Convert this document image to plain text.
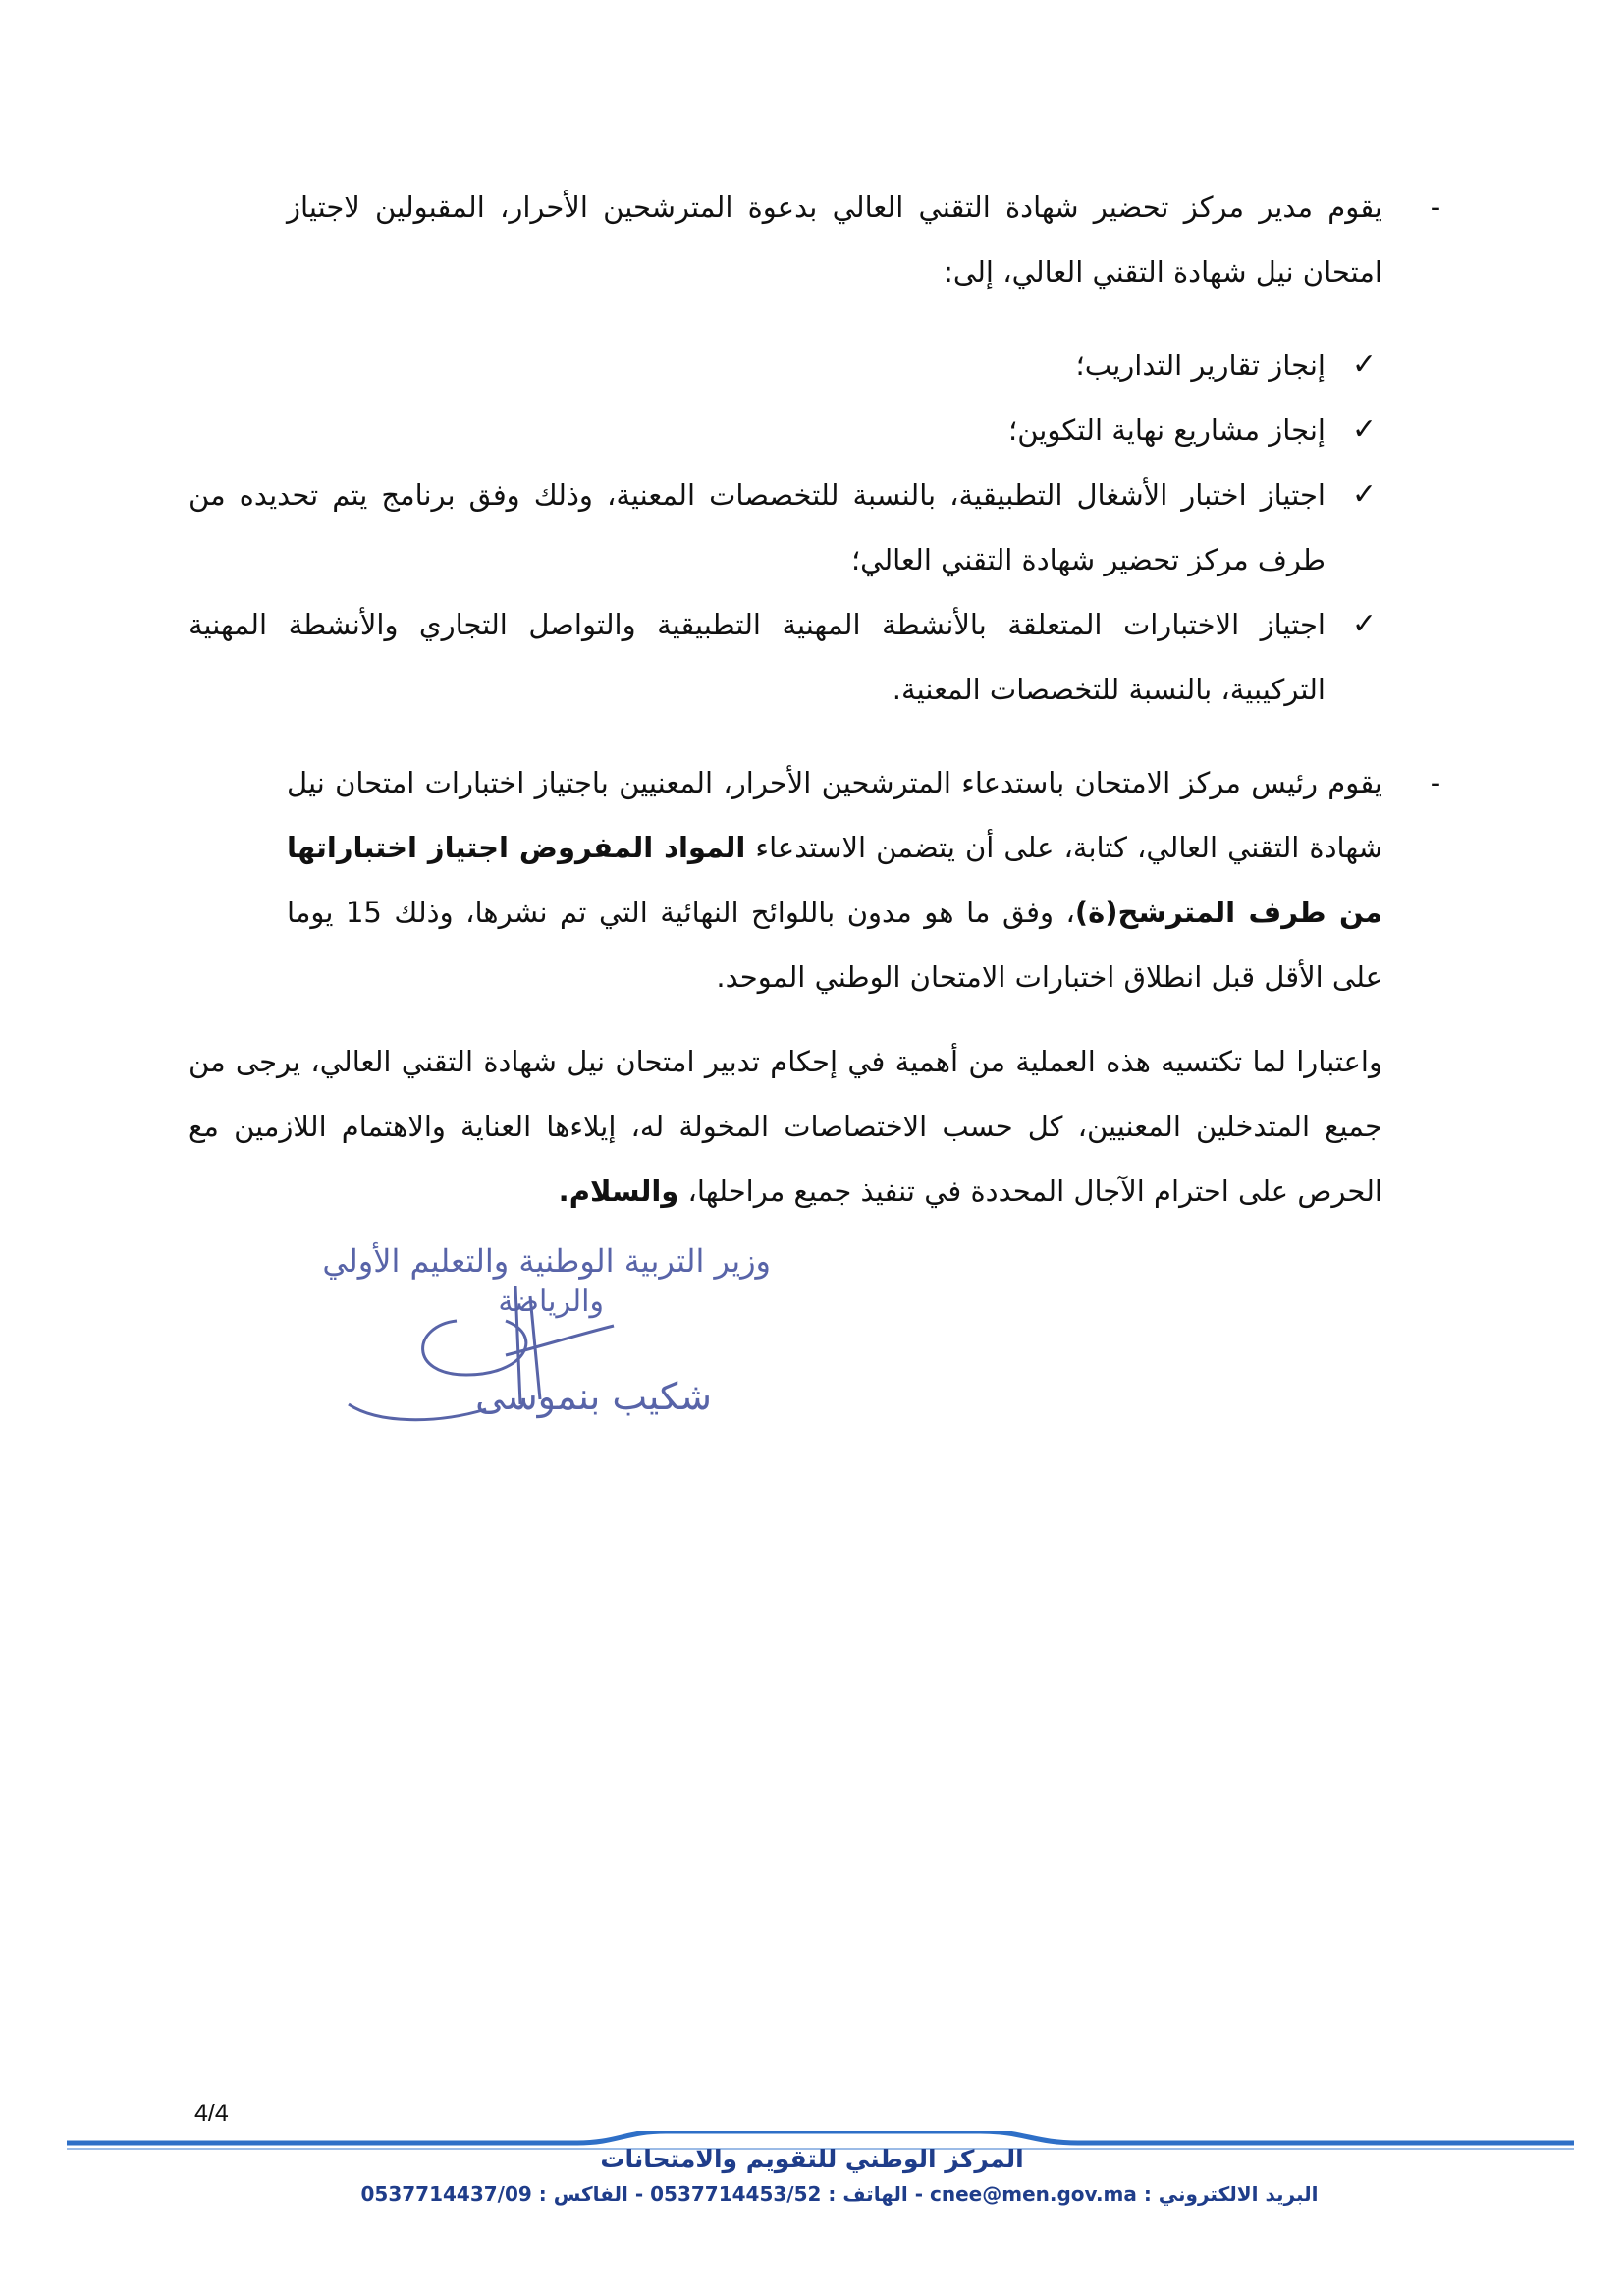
-
يقوم مدير مركز تحضير شهادة التقني العالي بدعوة المترشحين الأحرار، المقبولين لاجتياز امتحان نيل شهادة التقني العالي، إلى:
✓
إنجاز تقارير التداريب؛
✓
إنجاز مشاريع نهاية التكوين؛
✓
اجتياز اختبار الأشغال التطبيقية، بالنسبة للتخصصات المعنية، وذلك وفق برنامج يتم تحديده من طرف مركز تحضير شهادة التقني العالي؛
✓
اجتياز الاختبارات المتعلقة بالأنشطة المهنية التطبيقية والتواصل التجاري والأنشطة المهنية التركيبية، بالنسبة للتخصصات المعنية.
-
يقوم رئيس مركز الامتحان باستدعاء المترشحين الأحرار، المعنيين باجتياز اختبارات امتحان نيل شهادة التقني العالي، كتابة، على أن يتضمن الاستدعاء المواد المفروض اجتياز اختباراتها من طرف المترشح(ة)، وفق ما هو مدون باللوائح النهائية التي تم نشرها، وذلك 15 يوما على الأقل قبل انطلاق اختبارات الامتحان الوطني الموحد.
واعتبارا لما تكتسيه هذه العملية من أهمية في إحكام تدبير امتحان نيل شهادة التقني العالي، يرجى من جميع المتدخلين المعنيين، كل حسب الاختصاصات المخولة له، إيلاءها العناية والاهتمام اللازمين مع الحرص على احترام الآجال المحددة في تنفيذ جميع مراحلها، والسلام.
وزير التربية الوطنية والتعليم الأولي
والرياضة
شكيب بنموسى
4/4
المركز الوطني للتقويم والامتحانات
البريد الالكتروني : cnee@men.gov.ma - الهاتف : 0537714453/52 - الفاكس : 0537714437/09
